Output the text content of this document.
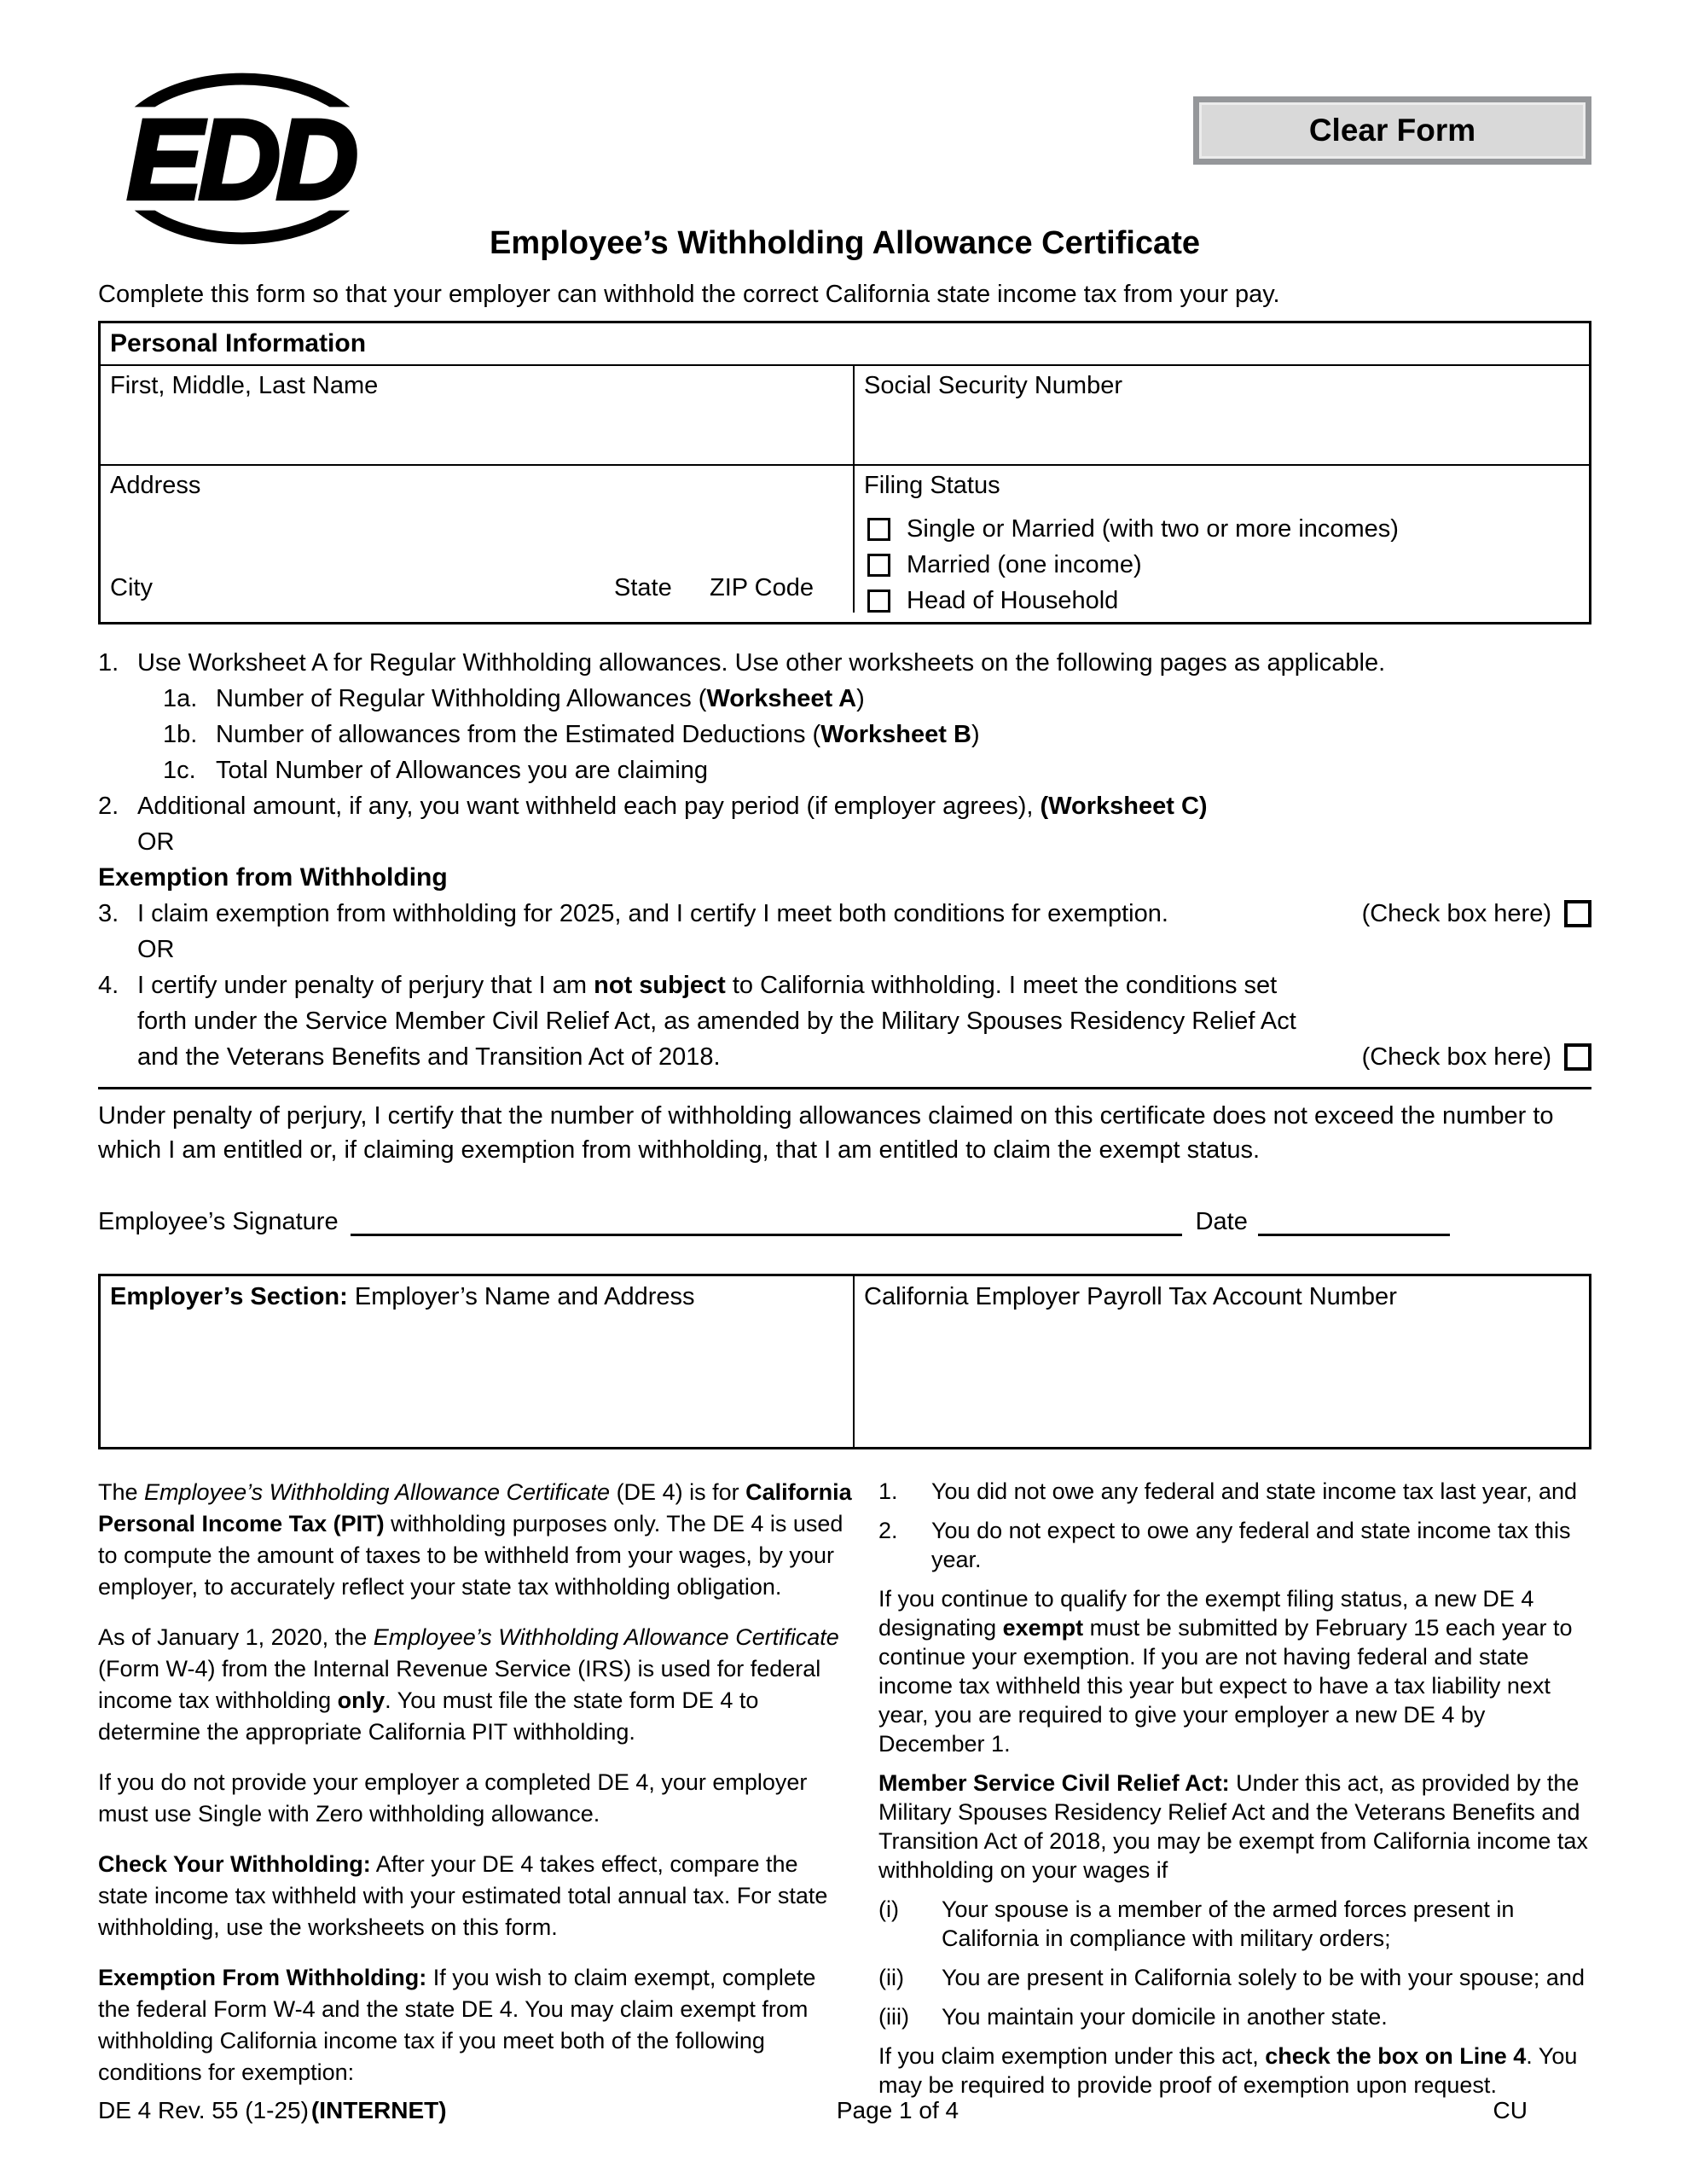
EDD	Clear Form
Employee’s Withholding Allowance Certificate
Complete this form so that your employer can withhold the correct California state income tax from your pay.
Personal Information
First, Middle, Last Name	Social Security Number
Address
City	State ZIP Code
Filing Status
Single or Married (with two or more incomes)
Married (one income)
Head of Household
1. Use Worksheet A for Regular Withholding allowances. Use other worksheets on the following pages as applicable.
1a. Number of Regular Withholding Allowances (Worksheet A)
1b. Number of allowances from the Estimated Deductions (Worksheet B)
1c. Total Number of Allowances you are claiming
2. Additional amount, if any, you want withheld each pay period (if employer agrees), (Worksheet C)
OR
Exemption from Withholding
3. I claim exemption from withholding for 2025, and I certify I meet both conditions for exemption.	(Check box here)
OR
4. I certify under penalty of perjury that I am not subject to California withholding. I meet the conditions set
forth under the Service Member Civil Relief Act, as amended by the Military Spouses Residency Relief Act
and the Veterans Benefits and Transition Act of 2018.	(Check box here)
Under penalty of perjury, I certify that the number of withholding allowances claimed on this certificate does not exceed the number to which I am entitled or, if claiming exemption from withholding, that I am entitled to claim the exempt status.
Employee’s Signature	Date
Employer’s Section: Employer’s Name and Address	California Employer Payroll Tax Account Number

The Employee’s Withholding Allowance Certificate (DE 4) is for California Personal Income Tax (PIT) withholding purposes only. The DE 4 is used to compute the amount of taxes to be withheld from your wages, by your employer, to accurately reflect your state tax withholding obligation.

As of January 1, 2020, the Employee’s Withholding Allowance Certificate (Form W-4) from the Internal Revenue Service (IRS) is used for federal income tax withholding only. You must file the state form DE 4 to determine the appropriate California PIT withholding.

If you do not provide your employer a completed DE 4, your employer must use Single with Zero withholding allowance.

Check Your Withholding: After your DE 4 takes effect, compare the state income tax withheld with your estimated total annual tax. For state withholding, use the worksheets on this form.

Exemption From Withholding: If you wish to claim exempt, complete the federal Form W-4 and the state DE 4. You may claim exempt from withholding California income tax if you meet both of the following conditions for exemption:

1.	You did not owe any federal and state income tax last year, and
2.	You do not expect to owe any federal and state income tax this year.

If you continue to qualify for the exempt filing status, a new DE 4 designating exempt must be submitted by February 15 each year to continue your exemption. If you are not having federal and state income tax withheld this year but expect to have a tax liability next year, you are required to give your employer a new DE 4 by December 1.

Member Service Civil Relief Act: Under this act, as provided by the Military Spouses Residency Relief Act and the Veterans Benefits and Transition Act of 2018, you may be exempt from California income tax withholding on your wages if

(i)	Your spouse is a member of the armed forces present in California in compliance with military orders;
(ii)	You are present in California solely to be with your spouse; and
(iii)	You maintain your domicile in another state.

If you claim exemption under this act, check the box on Line 4. You may be required to provide proof of exemption upon request.

DE 4 Rev. 55 (1-25) (INTERNET)	Page 1 of 4	CU
